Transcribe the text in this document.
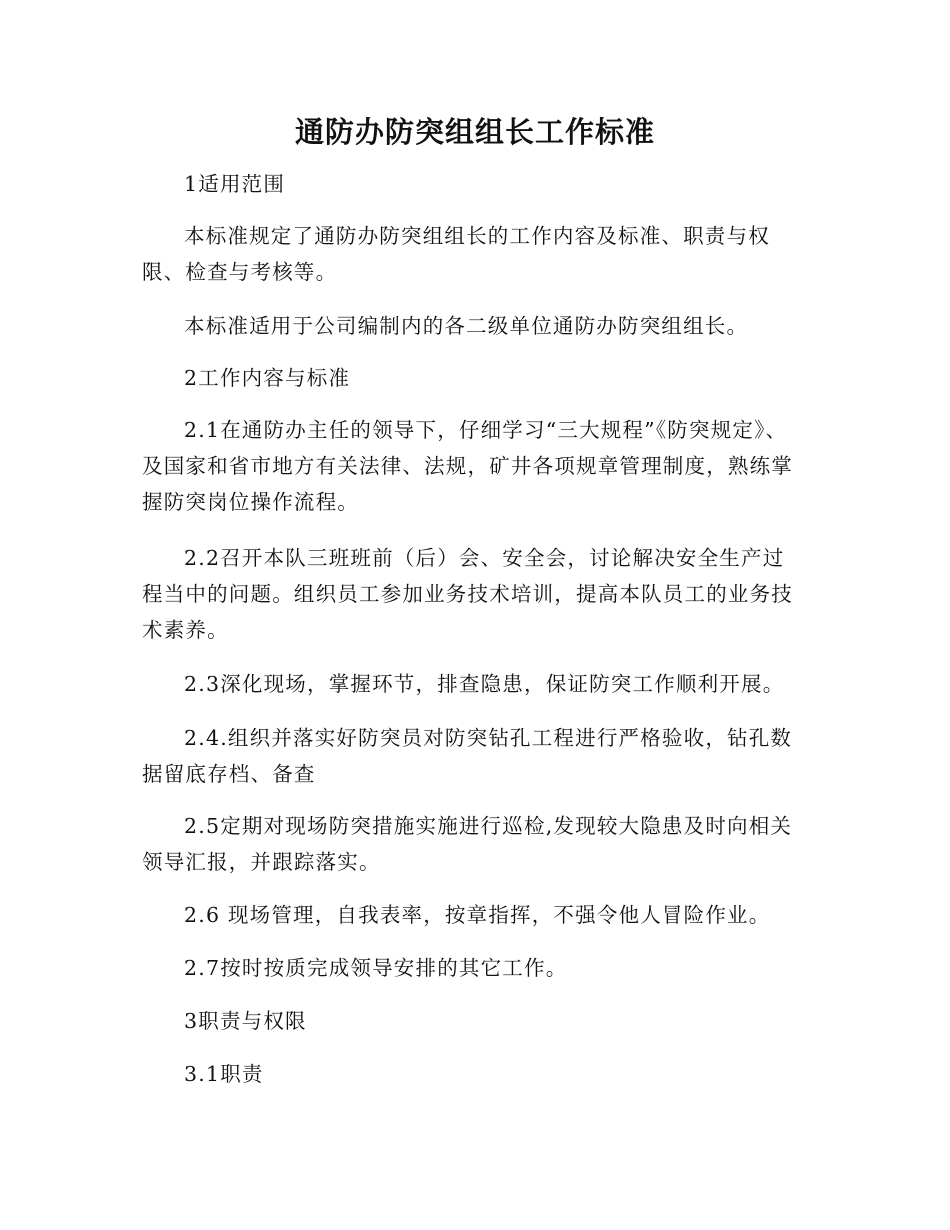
通防办防突组组长工作标准

1适用范围

本标准规定了通防办防突组组长的工作内容及标准、职责与权限、检查与考核等。

本标准适用于公司编制内的各二级单位通防办防突组组长。

2工作内容与标准

2.1在通防办主任的领导下，仔细学习“三大规程”《防突规定》、及国家和省市地方有关法律、法规，矿井各项规章管理制度，熟练掌握防突岗位操作流程。

2.2召开本队三班班前（后）会、安全会，讨论解决安全生产过程当中的问题。组织员工参加业务技术培训，提高本队员工的业务技术素养。

2.3深化现场，掌握环节，排查隐患，保证防突工作顺利开展。

2.4.组织并落实好防突员对防突钻孔工程进行严格验收，钻孔数据留底存档、备查

2.5定期对现场防突措施实施进行巡检,发现较大隐患及时向相关领导汇报，并跟踪落实。

2.6 现场管理，自我表率，按章指挥，不强令他人冒险作业。

2.7按时按质完成领导安排的其它工作。

3职责与权限

3.1职责
